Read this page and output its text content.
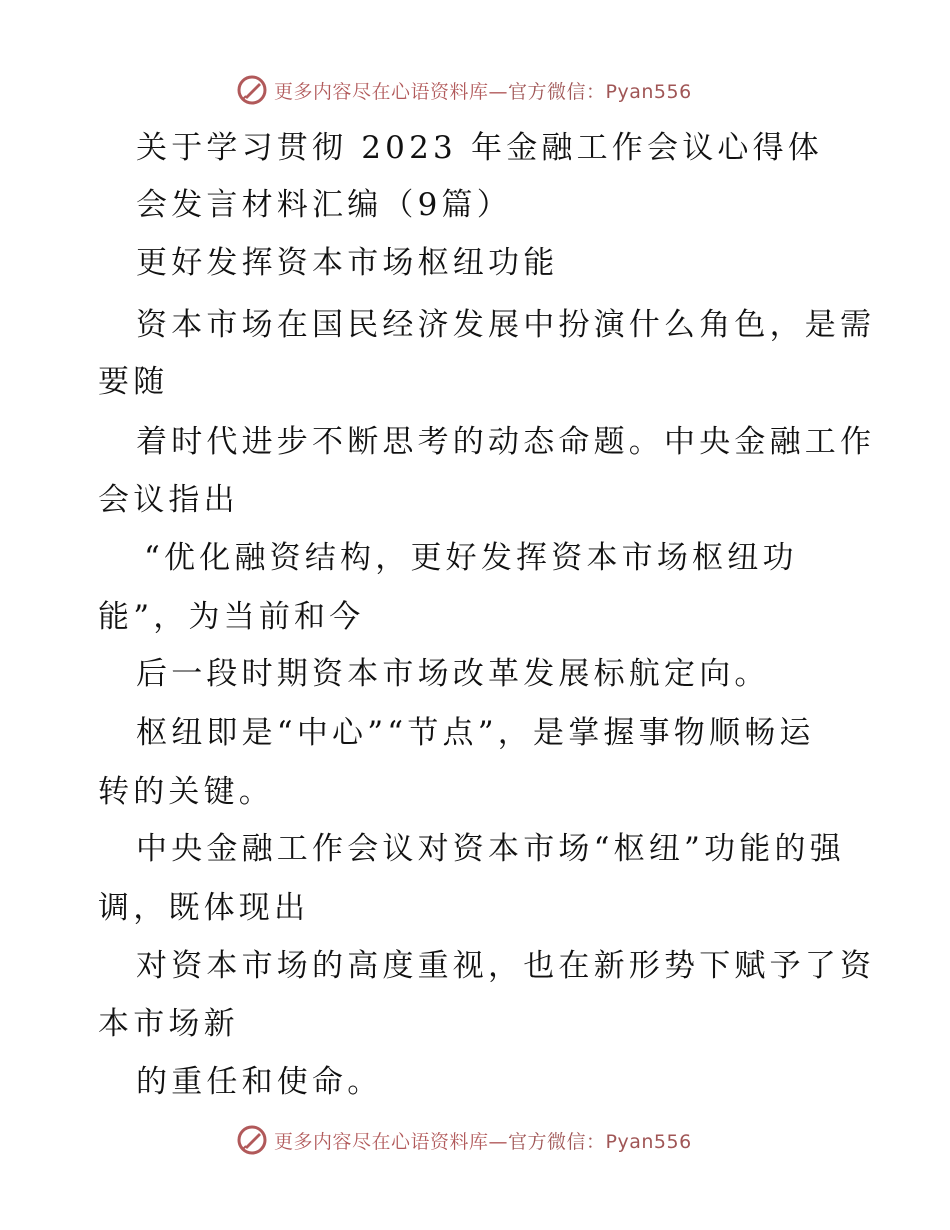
更多内容尽在心语资料库—官方微信：Pyan556
关于学习贯彻 2023 年金融工作会议心得体
会发言材料汇编（9篇）
更好发挥资本市场枢纽功能
资本市场在国民经济发展中扮演什么角色，是需
要随
着时代进步不断思考的动态命题。中央金融工作
会议指出
“优化融资结构，更好发挥资本市场枢纽功
能”，为当前和今
后一段时期资本市场改革发展标航定向。
枢纽即是“中心”“节点”，是掌握事物顺畅运
转的关键。
中央金融工作会议对资本市场“枢纽”功能的强
调，既体现出
对资本市场的高度重视，也在新形势下赋予了资
本市场新
的重任和使命。
更多内容尽在心语资料库—官方微信：Pyan556
